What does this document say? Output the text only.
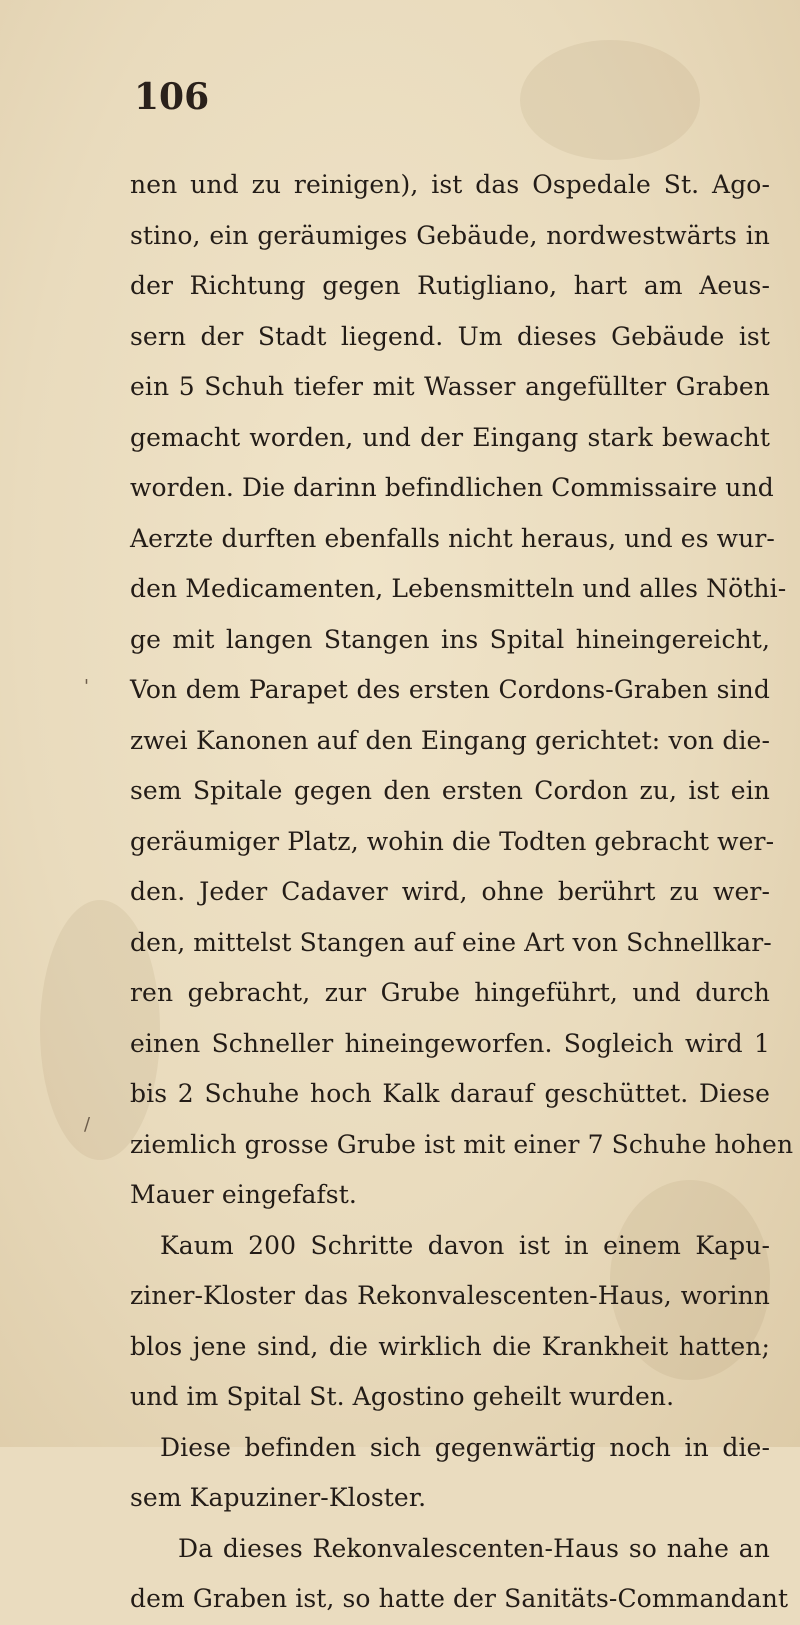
'
/
106
nen und zu reinigen), ist das Ospedale St. Ago-
stino, ein geräumiges Gebäude, nordwestwärts in
der Richtung gegen Rutigliano, hart am Aeus-
sern der Stadt liegend. Um dieses Gebäude ist
ein 5 Schuh tiefer mit Wasser angefüllter Graben
gemacht worden, und der Eingang stark bewacht
worden. Die darinn befindlichen Commissaire und
Aerzte durften ebenfalls nicht heraus, und es wur-
den Medicamenten, Lebensmitteln und alles Nöthi-
ge mit langen Stangen ins Spital hineingereicht,
Von dem Parapet des ersten Cordons-Graben sind
zwei Kanonen auf den Eingang gerichtet: von die-
sem Spitale gegen den ersten Cordon zu, ist ein
geräumiger Platz, wohin die Todten gebracht wer-
den. Jeder Cadaver wird, ohne berührt zu wer-
den, mittelst Stangen auf eine Art von Schnellkar-
ren gebracht, zur Grube hingeführt, und durch
einen Schneller hineingeworfen. Sogleich wird 1
bis 2 Schuhe hoch Kalk darauf geschüttet. Diese
ziemlich grosse Grube ist mit einer 7 Schuhe hohen
Mauer eingefafst.
Kaum 200 Schritte davon ist in einem Kapu-
ziner-Kloster das Rekonvalescenten-Haus, worinn
blos jene sind, die wirklich die Krankheit hatten;
und im Spital St. Agostino geheilt wurden.
Diese befinden sich gegenwärtig noch in die-
sem Kapuziner-Kloster.
Da dieses Rekonvalescenten-Haus so nahe an
dem Graben ist, so hatte der Sanitäts-Commandant
